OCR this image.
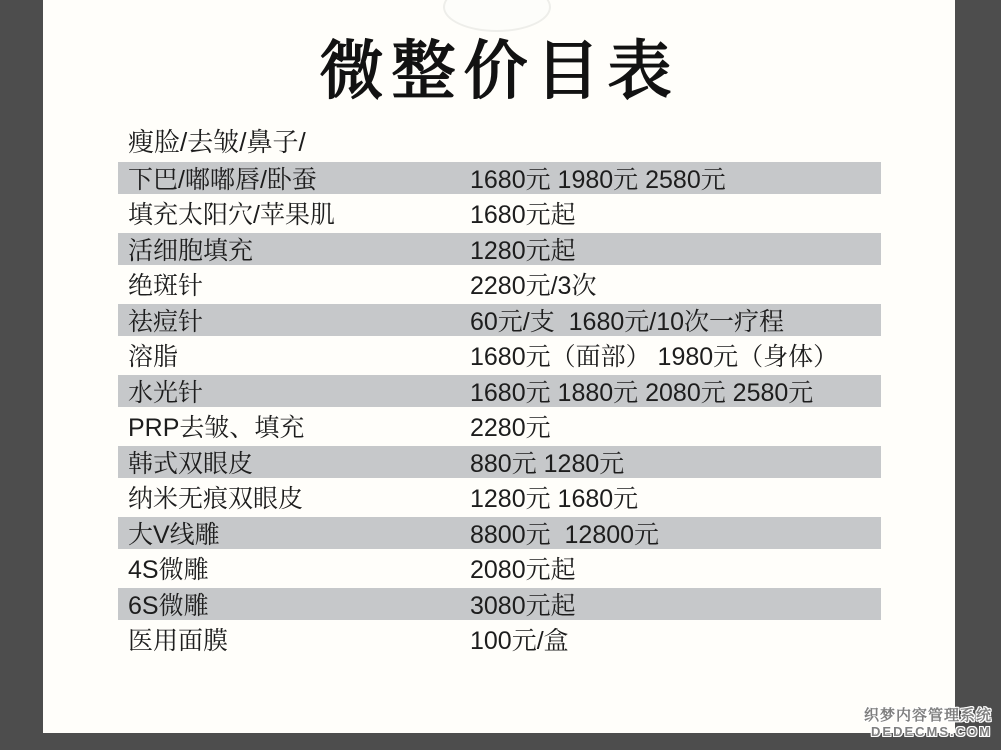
微整价目表
瘦脸/去皱/鼻子/
下巴/嘟嘟唇/卧蚕	1680元 1980元 2580元
填充太阳穴/苹果肌	1680元起
活细胞填充	1280元起
绝斑针	2280元/3次
祛痘针	60元/支  1680元/10次一疗程
溶脂	1680元（面部） 1980元（身体）
水光针	1680元 1880元 2080元 2580元
PRP去皱、填充	2280元
韩式双眼皮	880元 1280元
纳米无痕双眼皮	1280元 1680元
大V线雕	8800元  12800元
4S微雕	2080元起
6S微雕	3080元起
医用面膜	100元/盒
织梦内容管理系统
DEDECMS.COM
